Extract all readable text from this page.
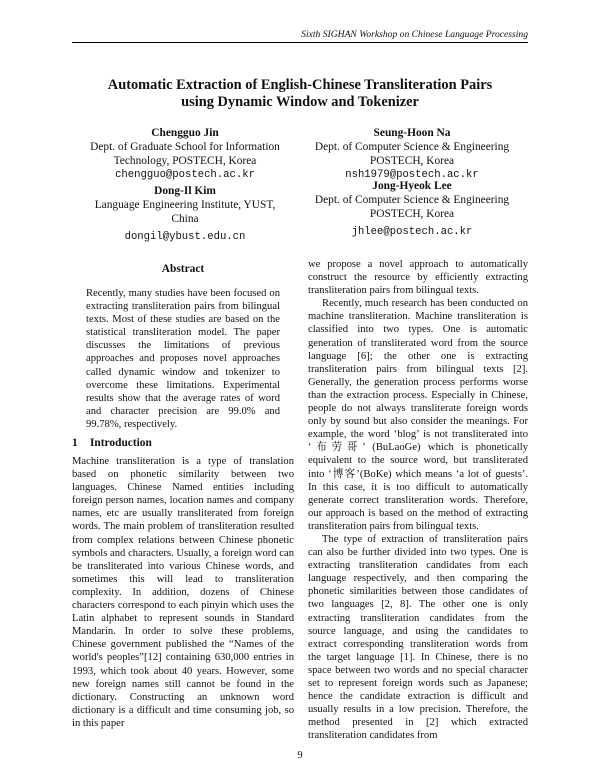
Sixth SIGHAN Workshop on Chinese Language Processing
Automatic Extraction of English-Chinese Transliteration Pairs
using Dynamic Window and Tokenizer
Chengguo Jin
Dept. of Graduate School for Information
Technology, POSTECH, Korea
chengguo@postech.ac.kr
Dong-Il Kim
Language Engineering Institute, YUST,
China
dongil@ybust.edu.cn
Seung-Hoon Na
Dept. of Computer Science & Engineering
POSTECH, Korea
nsh1979@postech.ac.kr
Jong-Hyeok Lee
Dept. of Computer Science & Engineering
POSTECH, Korea
jhlee@postech.ac.kr
Abstract

Recently, many studies have been focused on extracting transliteration pairs from bilingual texts. Most of these studies are based on the statistical transliteration model. The paper discusses the limitations of previous approaches and proposes novel approaches called dynamic window and tokenizer to overcome these limitations. Experimental results show that the average rates of word and character precision are 99.0% and 99.78%, respectively.

1 Introduction

Machine transliteration is a type of translation based on phonetic similarity between two languages. Chinese Named entities including foreign person names, location names and company names, etc are usually transliterated from foreign words. The main problem of transliteration resulted from complex relations between Chinese phonetic symbols and characters. Usually, a foreign word can be transliterated into various Chinese words, and sometimes this will lead to transliteration complexity. In addition, dozens of Chinese characters correspond to each pinyin which uses the Latin alphabet to represent sounds in Standard Mandarin. In order to solve these problems, Chinese government published the “Names of the world's peoples”[12] containing 630,000 entries in 1993, which took about 40 years. However, some new foreign names still cannot be found in the dictionary. Constructing an unknown word dictionary is a difficult and time consuming job, so in this paper

we propose a novel approach to automatically construct the resource by efficiently extracting transliteration pairs from bilingual texts.

Recently, much research has been conducted on machine transliteration. Machine transliteration is classified into two types. One is automatic generation of transliterated word from the source language [6]; the other one is extracting transliteration pairs from bilingual texts [2]. Generally, the generation process performs worse than the extraction process. Especially in Chinese, people do not always transliterate foreign words only by sound but also consider the meanings. For example, the word ‘blog’ is not transliterated into ‘布劳哥’ (BuLaoGe) which is phonetically equivalent to the source word, but transliterated into ‘博客’(BoKe) which means ‘a lot of guests’. In this case, it is too difficult to automatically generate correct transliteration words. Therefore, our approach is based on the method of extracting transliteration pairs from bilingual texts.

The type of extraction of transliteration pairs can also be further divided into two types. One is extracting transliteration candidates from each language respectively, and then comparing the phonetic similarities between those candidates of two languages [2, 8]. The other one is only extracting transliteration candidates from the source language, and using the candidates to extract corresponding transliteration words from the target language [1]. In Chinese, there is no space between two words and no special character set to represent foreign words such as Japanese; hence the candidate extraction is difficult and usually results in a low precision. Therefore, the method presented in [2] which extracted transliteration candidates from

9
